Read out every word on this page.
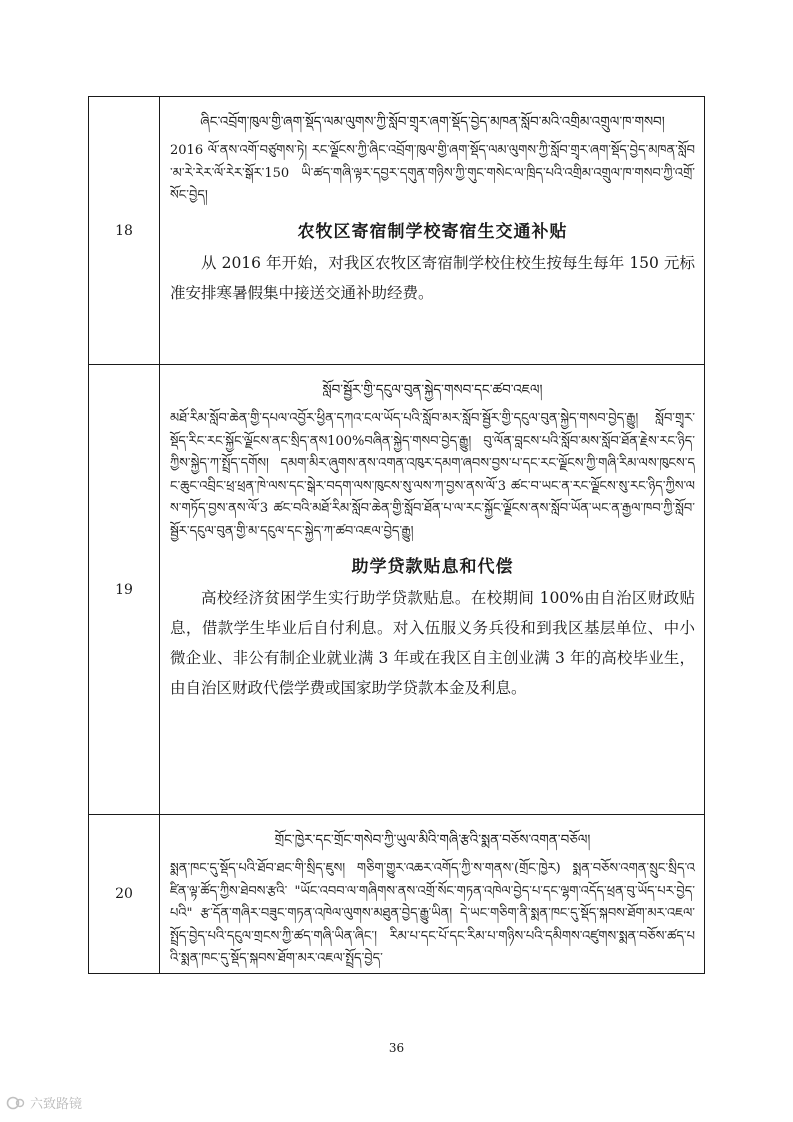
18	ཞིང་འབྲོག་ཁུལ་གྱི་ཞག་སྡོད་ལམ་ལུགས་ཀྱི་སློབ་གྲྭར་ཞག་སྡོད་བྱེད་མཁན་སློབ་མའི་འགྲིམ་འགྲུལ་ཁ་གསབ།

2016 ལོ་ནས་འགོ་བཙུགས་ཏེ། རང་ལྗོངས་ཀྱི་ཞིང་འབྲོག་ཁུལ་གྱི་ཞག་སྡོད་ལམ་ལུགས་ཀྱི་སློབ་གྲྭར་ཞག་སྡོད་བྱེད་མཁན་སློབ་མ་རེ་རེར་ལོ་རེར་སྒོར་150 ཡི་ཚད་གཞི་ལྟར་དབྱར་དགུན་གཉིས་ཀྱི་གུང་གསེང་ལ་ཁྲིད་པའི་འགྲིམ་འགྲུལ་ཁ་གསབ་ཀྱི་འགྲོ་སོང་བྱེད།

农牧区寄宿制学校寄宿生交通补贴

从 2016 年开始，对我区农牧区寄宿制学校住校生按每生每年 150 元标准安排寒暑假集中接送交通补助经费。

19	སློབ་སྦྱོར་གྱི་དངུལ་བུན་སྐྱེད་གསབ་དང་ཚབ་འཇལ།

མཐོ་རིམ་སློབ་ཆེན་གྱི་དཔལ་འབྱོར་ཕྱིན་དཀའ་ངལ་ཡོད་པའི་སློབ་མར་སློབ་སྦྱོར་གྱི་དངུལ་བུན་སྐྱེད་གསབ་བྱེད་རྒྱུ། སློབ་གྲྭར་སྡོད་རིང་རང་སྐྱོང་ལྗོངས་ནང་སྲིད་ནས100%བཞིན་སྐྱེད་གསབ་བྱེད་རྒྱུ། བུ་ལོན་བླངས་པའི་སློབ་མས་སློབ་ཐོན་རྗེས་རང་ཉིད་ཀྱིས་སྐྱེད་ཀ་སྤྲོད་དགོས། དམག་མིར་ཞུགས་ནས་འགན་འཁུར་དམག་ཞབས་བྱས་པ་དང་རང་ལྗོངས་ཀྱི་གཞི་རིམ་ལས་ཁུངས་དང་ཆུང་འབྲིང་ཕྲ་ཕྲན་ཁེ་ལས་དང་སྒེར་བདག་ལས་ཁུངས་སུ་ལས་ཀ་བྱས་ནས་ལོ་3 ཚང་བ་ཡང་ན་རང་ལྗོངས་སུ་རང་ཉིད་ཀྱིས་ལས་གཏོད་བྱས་ནས་ལོ་3 ཚང་བའི་མཐོ་རིམ་སློབ་ཆེན་གྱི་སློབ་ཐོན་པ་ལ་རང་སྐྱོང་ལྗོངས་ནས་སློབ་ཡོན་ཡང་ན་རྒྱལ་ཁབ་ཀྱི་སློབ་སྦྱོར་དངུལ་བུན་གྱི་མ་དངུལ་དང་སྐྱེད་ཀ་ཚབ་འཇལ་བྱེད་རྒྱུ།

助学贷款贴息和代偿

高校经济贫困学生实行助学贷款贴息。在校期间 100%由自治区财政贴息，借款学生毕业后自付利息。对入伍服义务兵役和到我区基层单位、中小微企业、非公有制企业就业满 3 年或在我区自主创业满 3 年的高校毕业生，由自治区财政代偿学费或国家助学贷款本金及利息。

20	གྲོང་ཁྱེར་དང་གྲོང་གསེབ་ཀྱི་ཡུལ་མིའི་གཞི་རྩའི་སྨན་བཅོས་འགན་བཅོལ།

སྨན་ཁང་དུ་སྡོད་པའི་ཐོབ་ཐང་གི་སྲིད་ཇུས། གཅིག་གྱུར་འཆར་འགོད་ཀྱི་ས་གནས་(གྲོང་ཁྱེར) སྨན་བཅོས་འགན་སྲུང་སྲིད་འཛིན་ལྟ་ཚོད་ཀྱིས་ཐེབས་རྩའི་ "ཡོང་འབབ་ལ་གཞིགས་ནས་འགྲོ་སོང་གཏན་འཁེལ་བྱེད་པ་དང་ལྷག་འདོད་ཕྲན་བུ་ཡོད་པར་བྱེད་པའི" རྩ་དོན་གཞིར་བཟུང་གཏན་འཁེལ་ལུགས་མཐུན་བྱེད་རྒྱུ་ཡིན། དེ་ཡང་གཅིག་ནི་སྨན་ཁང་དུ་སྡོད་སྐབས་ཐོག་མར་འཇལ་སྤྲོད་བྱེད་པའི་དངུལ་གྲངས་ཀྱི་ཚད་གཞི་ཡིན་ཞིང་། རིམ་པ་དང་པོ་དང་རིམ་པ་གཉིས་པའི་དམིགས་འཛུགས་སྨན་བཅོས་ཚད་པའི་སྨན་ཁང་དུ་སྡོད་སྐབས་ཐོག་མར་འཇལ་སྤྲོད་བྱེད་

36
六致路镜
